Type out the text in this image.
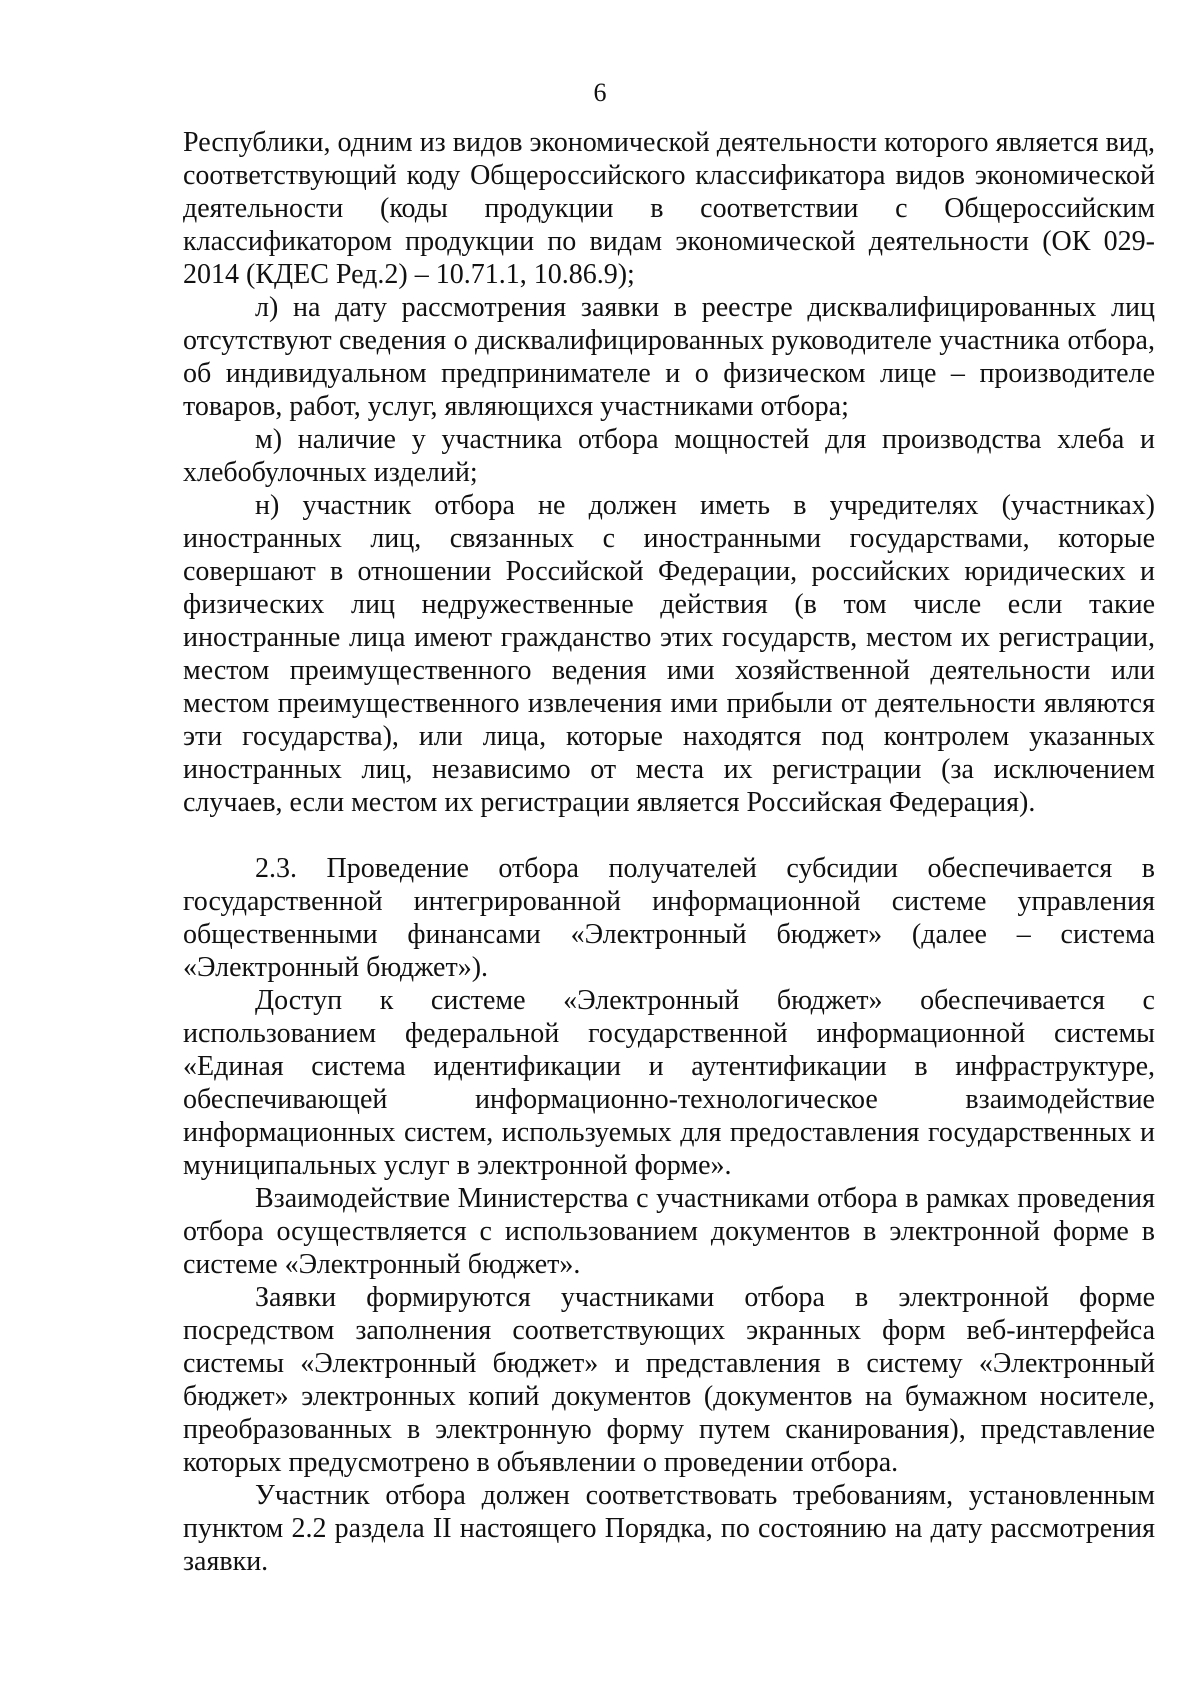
6

Республики, одним из видов экономической деятельности которого является вид, соответствующий коду Общероссийского классификатора видов экономической деятельности (коды продукции в соответствии с Общероссийским классификатором продукции по видам экономической деятельности (ОК 029-2014 (КДЕС Ред.2) – 10.71.1, 10.86.9);

л) на дату рассмотрения заявки в реестре дисквалифицированных лиц отсутствуют сведения о дисквалифицированных руководителе участника отбора, об индивидуальном предпринимателе и о физическом лице – производителе товаров, работ, услуг, являющихся участниками отбора;

м) наличие у участника отбора мощностей для производства хлеба и хлебобулочных изделий;

н) участник отбора не должен иметь в учредителях (участниках) иностранных лиц, связанных с иностранными государствами, которые совершают в отношении Российской Федерации, российских юридических и физических лиц недружественные действия (в том числе если такие иностранные лица имеют гражданство этих государств, местом их регистрации, местом преимущественного ведения ими хозяйственной деятельности или местом преимущественного извлечения ими прибыли от деятельности являются эти государства), или лица, которые находятся под контролем указанных иностранных лиц, независимо от места их регистрации (за исключением случаев, если местом их регистрации является Российская Федерация).

2.3. Проведение отбора получателей субсидии обеспечивается в государственной интегрированной информационной системе управления общественными финансами «Электронный бюджет» (далее – система «Электронный бюджет»).

Доступ к системе «Электронный бюджет» обеспечивается с использованием федеральной государственной информационной системы «Единая система идентификации и аутентификации в инфраструктуре, обеспечивающей информационно-технологическое взаимодействие информационных систем, используемых для предоставления государственных и муниципальных услуг в электронной форме».

Взаимодействие Министерства с участниками отбора в рамках проведения отбора осуществляется с использованием документов в электронной форме в системе «Электронный бюджет».

Заявки формируются участниками отбора в электронной форме посредством заполнения соответствующих экранных форм веб-интерфейса системы «Электронный бюджет» и представления в систему «Электронный бюджет» электронных копий документов (документов на бумажном носителе, преобразованных в электронную форму путем сканирования), представление которых предусмотрено в объявлении о проведении отбора.

Участник отбора должен соответствовать требованиям, установленным пунктом 2.2 раздела II настоящего Порядка, по состоянию на дату рассмотрения заявки.
